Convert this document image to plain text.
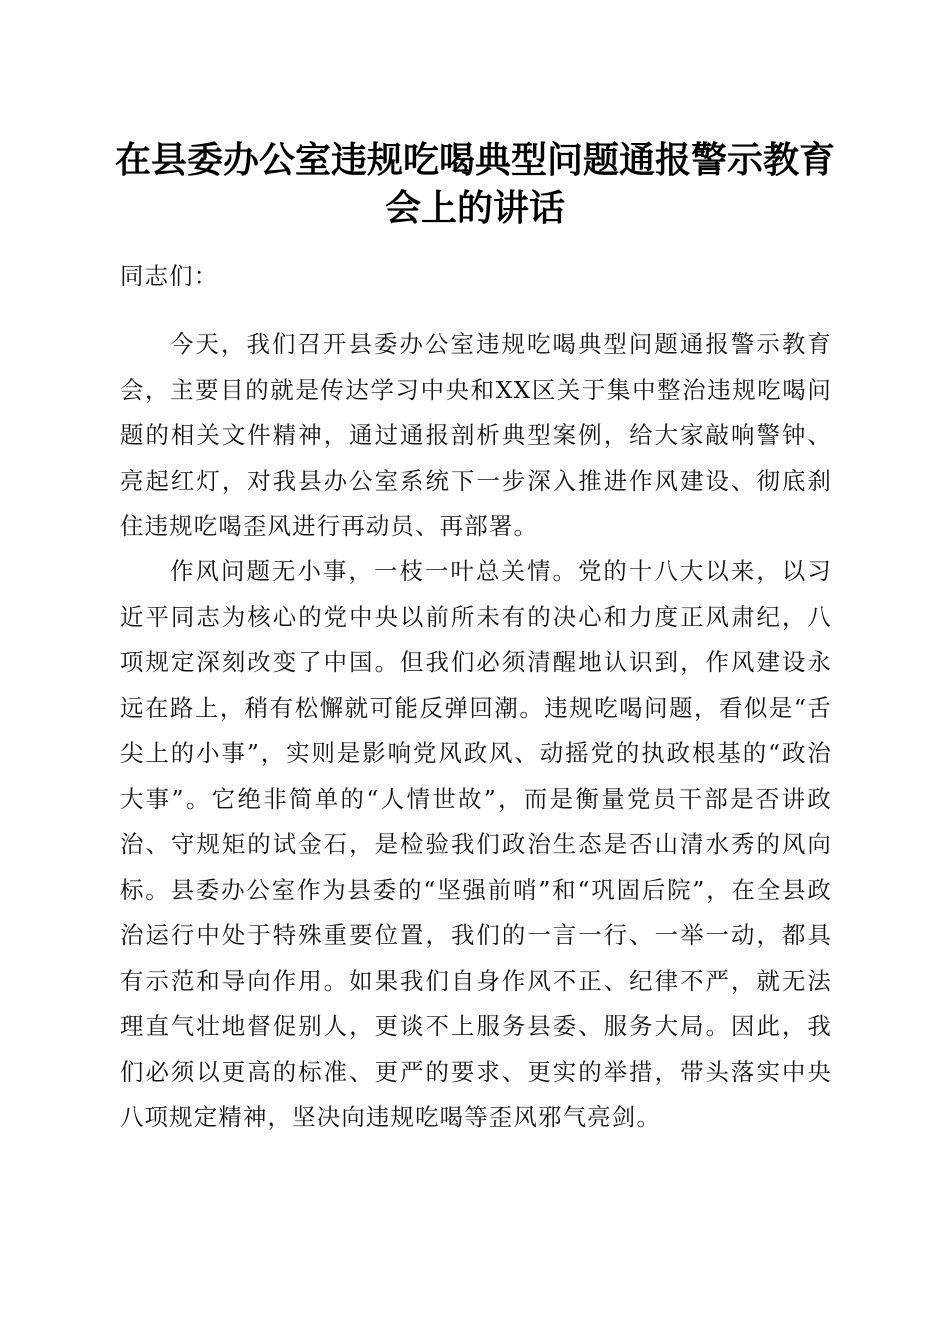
在县委办公室违规吃喝典型问题通报警示教育
会上的讲话

同志们：

今天，我们召开县委办公室违规吃喝典型问题通报警示教育会，主要目的就是传达学习中央和XX区关于集中整治违规吃喝问题的相关文件精神，通过通报剖析典型案例，给大家敲响警钟、亮起红灯，对我县办公室系统下一步深入推进作风建设、彻底刹住违规吃喝歪风进行再动员、再部署。

作风问题无小事，一枝一叶总关情。党的十八大以来，以习近平同志为核心的党中央以前所未有的决心和力度正风肃纪，八项规定深刻改变了中国。但我们必须清醒地认识到，作风建设永远在路上，稍有松懈就可能反弹回潮。违规吃喝问题，看似是“舌尖上的小事”，实则是影响党风政风、动摇党的执政根基的“政治大事”。它绝非简单的“人情世故”，而是衡量党员干部是否讲政治、守规矩的试金石，是检验我们政治生态是否山清水秀的风向标。县委办公室作为县委的“坚强前哨”和“巩固后院”，在全县政治运行中处于特殊重要位置，我们的一言一行、一举一动，都具有示范和导向作用。如果我们自身作风不正、纪律不严，就无法理直气壮地督促别人，更谈不上服务县委、服务大局。因此，我们必须以更高的标准、更严的要求、更实的举措，带头落实中央八项规定精神，坚决向违规吃喝等歪风邪气亮剑。
